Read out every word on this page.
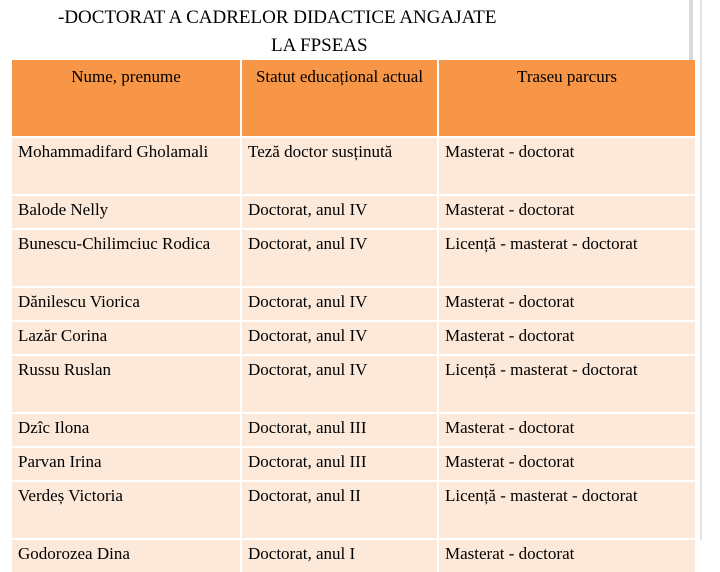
-DOCTORAT A CADRELOR DIDACTICE ANGAJATE
LA FPSEAS
Nume, prenume	Statut educațional actual	Traseu parcurs
Mohammadifard Gholamali	Teză doctor susținută	Masterat - doctorat
Balode Nelly	Doctorat, anul IV	Masterat - doctorat
Bunescu-Chilimciuc Rodica	Doctorat, anul IV	Licență - masterat - doctorat
Dănilescu Viorica	Doctorat, anul IV	Masterat - doctorat
Lazăr Corina	Doctorat, anul IV	Masterat - doctorat
Russu Ruslan	Doctorat, anul IV	Licență - masterat - doctorat
Dzîc Ilona	Doctorat, anul III	Masterat - doctorat
Parvan Irina	Doctorat, anul III	Masterat - doctorat
Verdeș Victoria	Doctorat, anul II	Licență - masterat - doctorat
Godorozea Dina	Doctorat, anul I	Masterat - doctorat
